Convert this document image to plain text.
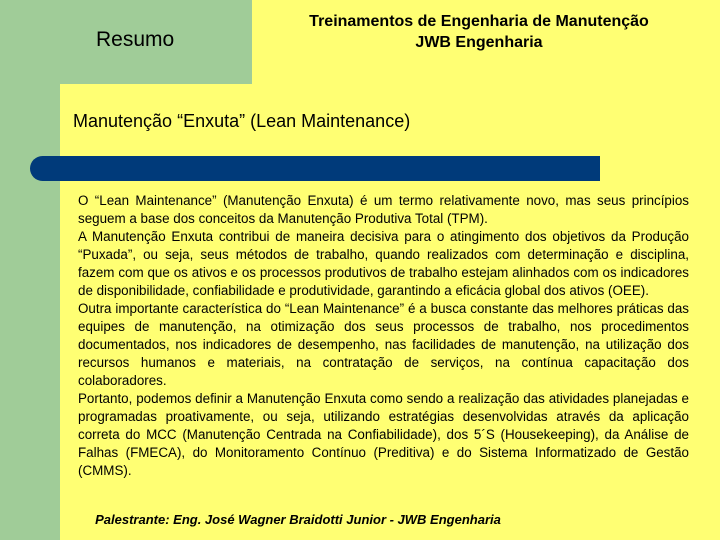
Resumo
Treinamentos de Engenharia de Manutenção
JWB Engenharia
Manutenção “Enxuta” (Lean Maintenance)

O “Lean Maintenance” (Manutenção Enxuta) é um termo relativamente novo, mas seus princípios seguem a base dos conceitos da Manutenção Produtiva Total (TPM).

A Manutenção Enxuta contribui de maneira decisiva para o atingimento dos objetivos da Produção “Puxada”, ou seja, seus métodos de trabalho, quando realizados com determinação e disciplina, fazem com que os ativos e os processos produtivos de trabalho estejam alinhados com os indicadores de disponibilidade, confiabilidade e produtividade, garantindo a eficácia global dos ativos (OEE).

Outra importante característica do “Lean Maintenance” é a busca constante das melhores práticas das equipes de manutenção, na otimização dos seus processos de trabalho, nos procedimentos documentados, nos indicadores de desempenho, nas facilidades de manutenção, na utilização dos recursos humanos e materiais, na contratação de serviços, na contínua capacitação dos colaboradores.

Portanto, podemos definir a Manutenção Enxuta como sendo a realização das atividades planejadas e programadas proativamente, ou seja, utilizando estratégias desenvolvidas através da aplicação correta do MCC (Manutenção Centrada na Confiabilidade), dos 5´S (Housekeeping), da Análise de Falhas (FMECA), do Monitoramento Contínuo (Preditiva) e do Sistema Informatizado de Gestão (CMMS).

Palestrante: Eng. José Wagner Braidotti Junior - JWB Engenharia
